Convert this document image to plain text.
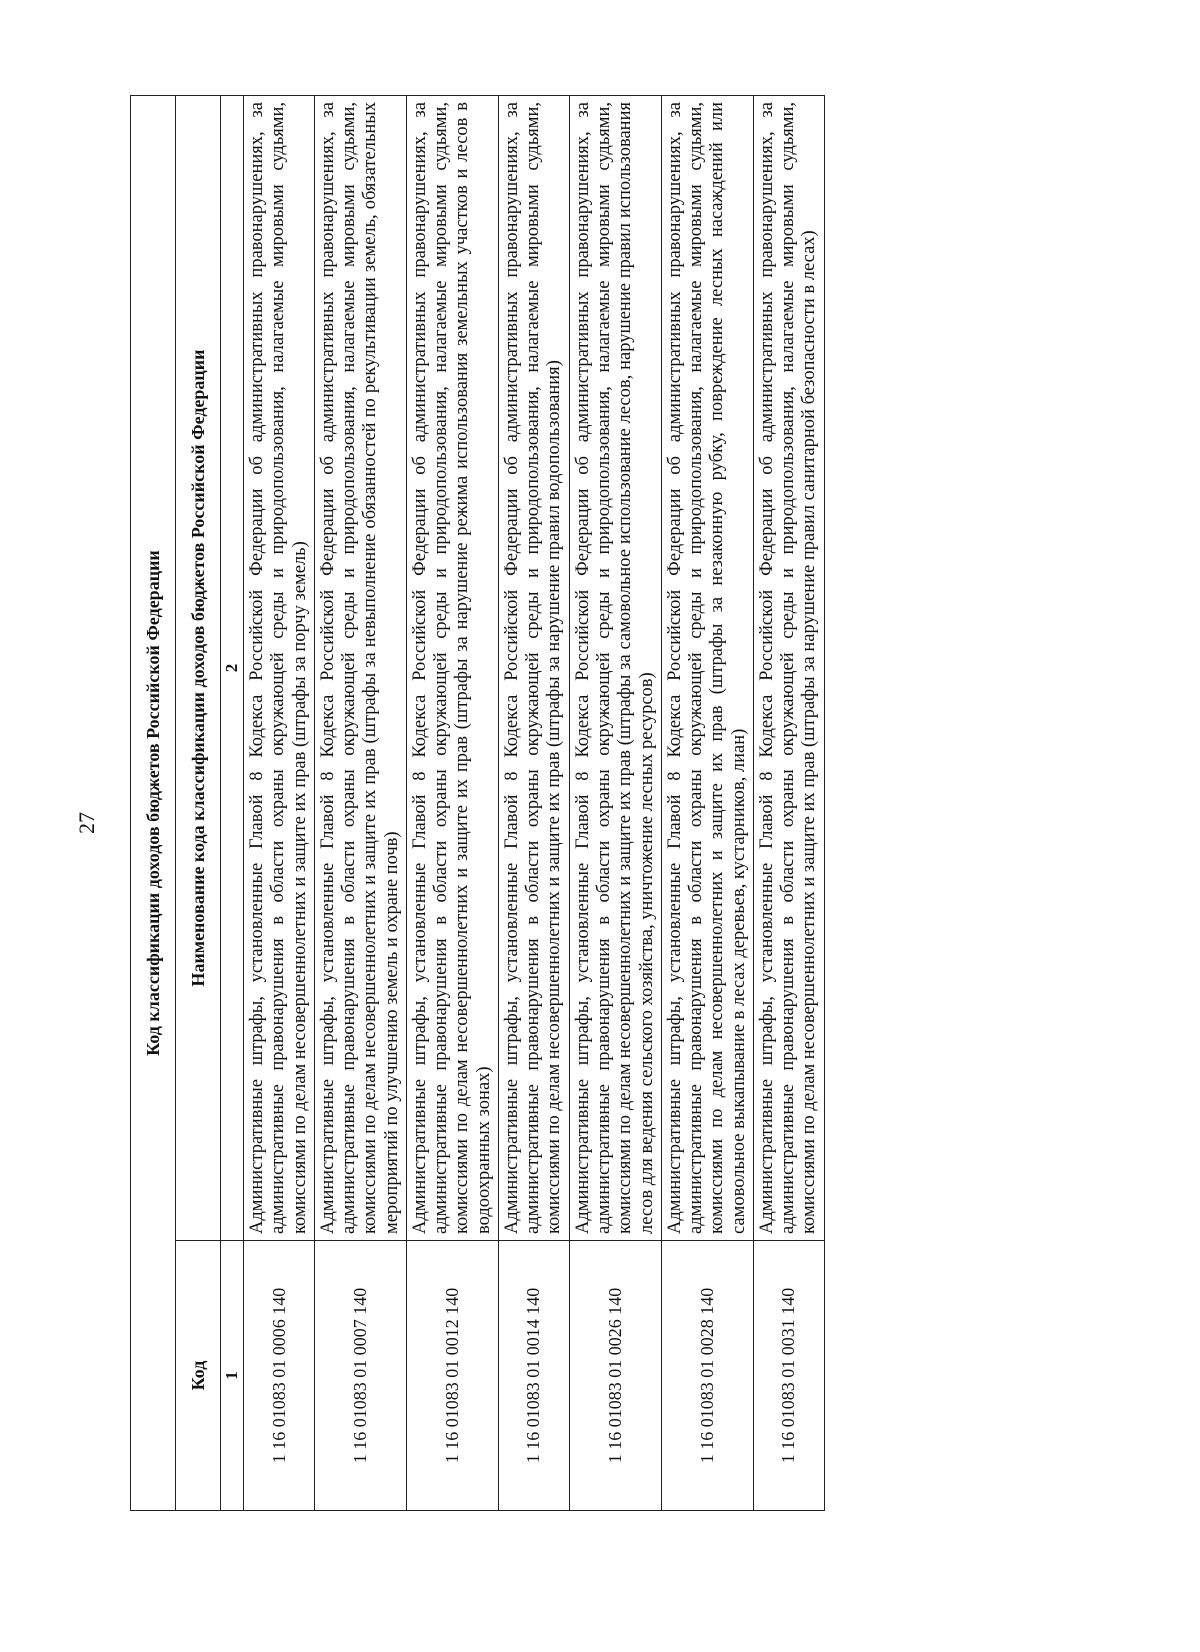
27 Код классификации доходов бюджетов Российской Федерации	
Код	Наименование кода классификации доходов бюджетов Российской Федерации
1	2
1 16 01083 01 0006 140	Административные штрафы, установленные Главой 8 Кодекса Российской Федерации об административных правонарушениях, за административные правонарушения в области охраны окружающей среды и природопользования, налагаемые мировыми судьями, комиссиями по делам несовершеннолетних и защите их прав (штрафы за порчу земель)
1 16 01083 01 0007 140	Административные штрафы, установленные Главой 8 Кодекса Российской Федерации об административных правонарушениях, за административные правонарушения в области охраны окружающей среды и природопользования, налагаемые мировыми судьями, комиссиями по делам несовершеннолетних и защите их прав (штрафы за невыполнение обязанностей по рекультивации земель, обязательных мероприятий по улучшению земель и охране почв)
1 16 01083 01 0012 140	Административные штрафы, установленные Главой 8 Кодекса Российской Федерации об административных правонарушениях, за административные правонарушения в области охраны окружающей среды и природопользования, налагаемые мировыми судьями, комиссиями по делам несовершеннолетних и защите их прав (штрафы за нарушение режима использования земельных участков и лесов в водоохранных зонах)
1 16 01083 01 0014 140	Административные штрафы, установленные Главой 8 Кодекса Российской Федерации об административных правонарушениях, за административные правонарушения в области охраны окружающей среды и природопользования, налагаемые мировыми судьями, комиссиями по делам несовершеннолетних и защите их прав (штрафы за нарушение правил водопользования)
1 16 01083 01 0026 140	Административные штрафы, установленные Главой 8 Кодекса Российской Федерации об административных правонарушениях, за административные правонарушения в области охраны окружающей среды и природопользования, налагаемые мировыми судьями, комиссиями по делам несовершеннолетних и защите их прав (штрафы за самовольное использование лесов, нарушение правил использования лесов для ведения сельского хозяйства, уничтожение лесных ресурсов)
1 16 01083 01 0028 140	Административные штрафы, установленные Главой 8 Кодекса Российской Федерации об административных правонарушениях, за административные правонарушения в области охраны окружающей среды и природопользования, налагаемые мировыми судьями, комиссиями по делам несовершеннолетних и защите их прав (штрафы за незаконную рубку, повреждение лесных насаждений или самовольное выкапывание в лесах деревьев, кустарников, лиан)
1 16 01083 01 0031 140	Административные штрафы, установленные Главой 8 Кодекса Российской Федерации об административных правонарушениях, за административные правонарушения в области охраны окружающей среды и природопользования, налагаемые мировыми судьями, комиссиями по делам несовершеннолетних и защите их прав (штрафы за нарушение правил санитарной безопасности в лесах)
